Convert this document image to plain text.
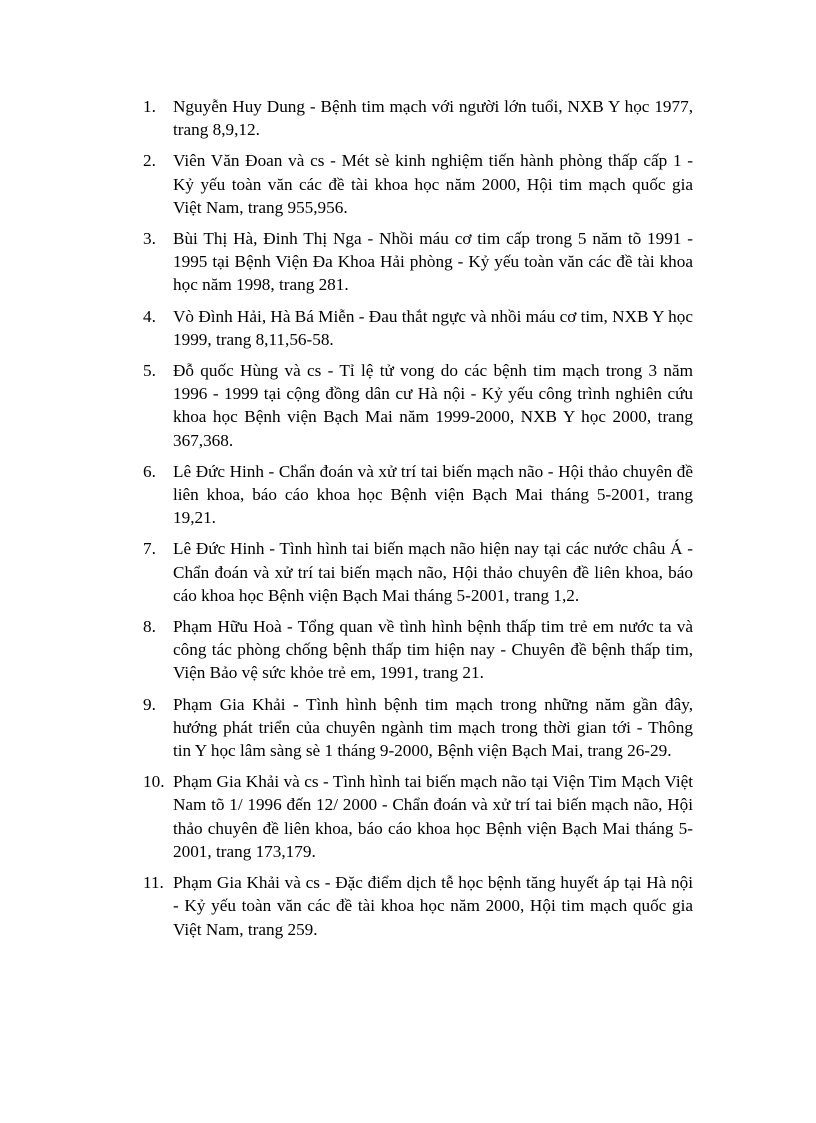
1. Nguyễn Huy Dung - Bệnh tim mạch với người lớn tuổi, NXB Y học 1977, trang 8,9,12.
2. Viên Văn Đoan và cs - Mét sè kinh nghiệm tiến hành phòng thấp cấp 1 - Kỷ yếu toàn văn các đề tài khoa học năm 2000, Hội tim mạch quốc gia Việt Nam, trang 955,956.
3. Bùi Thị Hà, Đinh Thị Nga - Nhồi máu cơ tim cấp trong 5 năm tõ 1991 - 1995 tại Bệnh Viện Đa Khoa Hải phòng - Kỷ yếu toàn văn các đề tài khoa học năm 1998, trang 281.
4. Vò Đình Hải, Hà Bá Miễn - Đau thắt ngực và nhồi máu cơ tim, NXB Y học 1999, trang 8,11,56-58.
5. Đỗ quốc Hùng và cs - Tỉ lệ tử vong do các bệnh tim mạch trong 3 năm 1996 - 1999 tại cộng đồng dân cư Hà nội - Kỷ yếu công trình nghiên cứu khoa học Bệnh viện Bạch Mai năm 1999-2000, NXB Y học 2000, trang 367,368.
6. Lê Đức Hinh - Chẩn đoán và xử trí tai biến mạch não - Hội thảo chuyên đề liên khoa, báo cáo khoa học Bệnh viện Bạch Mai tháng 5-2001, trang 19,21.
7. Lê Đức Hinh - Tình hình tai biến mạch não hiện nay tại các nước châu Á - Chẩn đoán và xử trí tai biến mạch não, Hội thảo chuyên đề liên khoa, báo cáo khoa học Bệnh viện Bạch Mai tháng 5-2001, trang 1,2.
8. Phạm Hữu Hoà - Tổng quan về tình hình bệnh thấp tim trẻ em nước ta và công tác phòng chống bệnh thấp tim hiện nay - Chuyên đề bệnh thấp tim, Viện Bảo vệ sức khỏe trẻ em, 1991, trang 21.
9. Phạm Gia Khải - Tình hình bệnh tim mạch trong những năm gần đây, hướng phát triển của chuyên ngành tim mạch trong thời gian tới - Thông tin Y học lâm sàng sè 1 tháng 9-2000, Bệnh viện Bạch Mai, trang 26-29.
10. Phạm Gia Khải và cs - Tình hình tai biến mạch não tại Viện Tim Mạch Việt Nam tõ 1/ 1996 đến 12/ 2000 - Chẩn đoán và xử trí tai biến mạch não, Hội thảo chuyên đề liên khoa, báo cáo khoa học Bệnh viện Bạch Mai tháng 5-2001, trang 173,179.
11. Phạm Gia Khải và cs - Đặc điểm dịch tễ học bệnh tăng huyết áp tại Hà nội - Kỷ yếu toàn văn các đề tài khoa học năm 2000, Hội tim mạch quốc gia Việt Nam, trang 259.
